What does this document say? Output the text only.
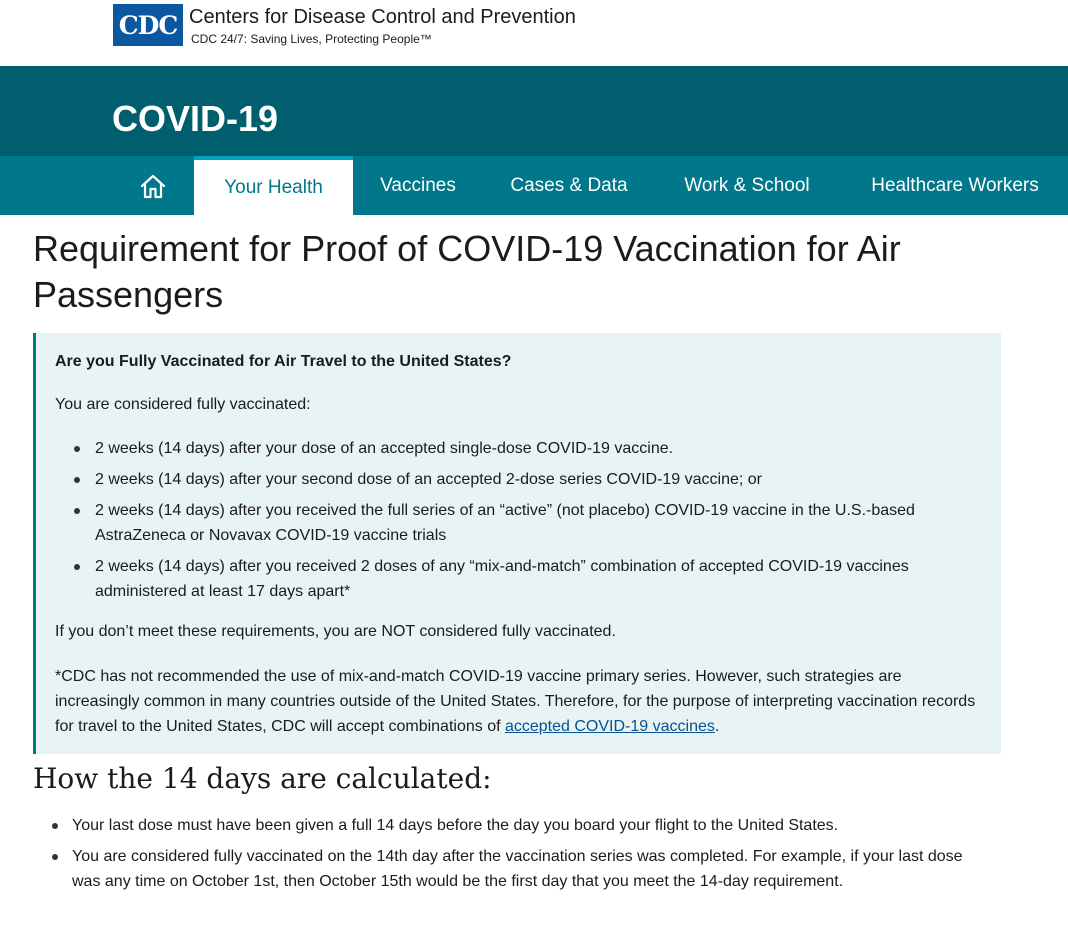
CDC Centers for Disease Control and Prevention
CDC 24/7: Saving Lives, Protecting People™
COVID-19
Your Health	Vaccines	Cases & Data	Work & School	Healthcare Workers
Requirement for Proof of COVID-19 Vaccination for Air Passengers
Are you Fully Vaccinated for Air Travel to the United States?
You are considered fully vaccinated:
2 weeks (14 days) after your dose of an accepted single-dose COVID-19 vaccine.
2 weeks (14 days) after your second dose of an accepted 2-dose series COVID-19 vaccine; or
2 weeks (14 days) after you received the full series of an “active” (not placebo) COVID-19 vaccine in the U.S.-based AstraZeneca or Novavax COVID-19 vaccine trials
2 weeks (14 days) after you received 2 doses of any “mix-and-match” combination of accepted COVID-19 vaccines administered at least 17 days apart*
If you don’t meet these requirements, you are NOT considered fully vaccinated.
*CDC has not recommended the use of mix-and-match COVID-19 vaccine primary series. However, such strategies are increasingly common in many countries outside of the United States. Therefore, for the purpose of interpreting vaccination records for travel to the United States, CDC will accept combinations of accepted COVID-19 vaccines.
How the 14 days are calculated:
Your last dose must have been given a full 14 days before the day you board your flight to the United States.
You are considered fully vaccinated on the 14th day after the vaccination series was completed. For example, if your last dose was any time on October 1st, then October 15th would be the first day that you meet the 14-day requirement.
